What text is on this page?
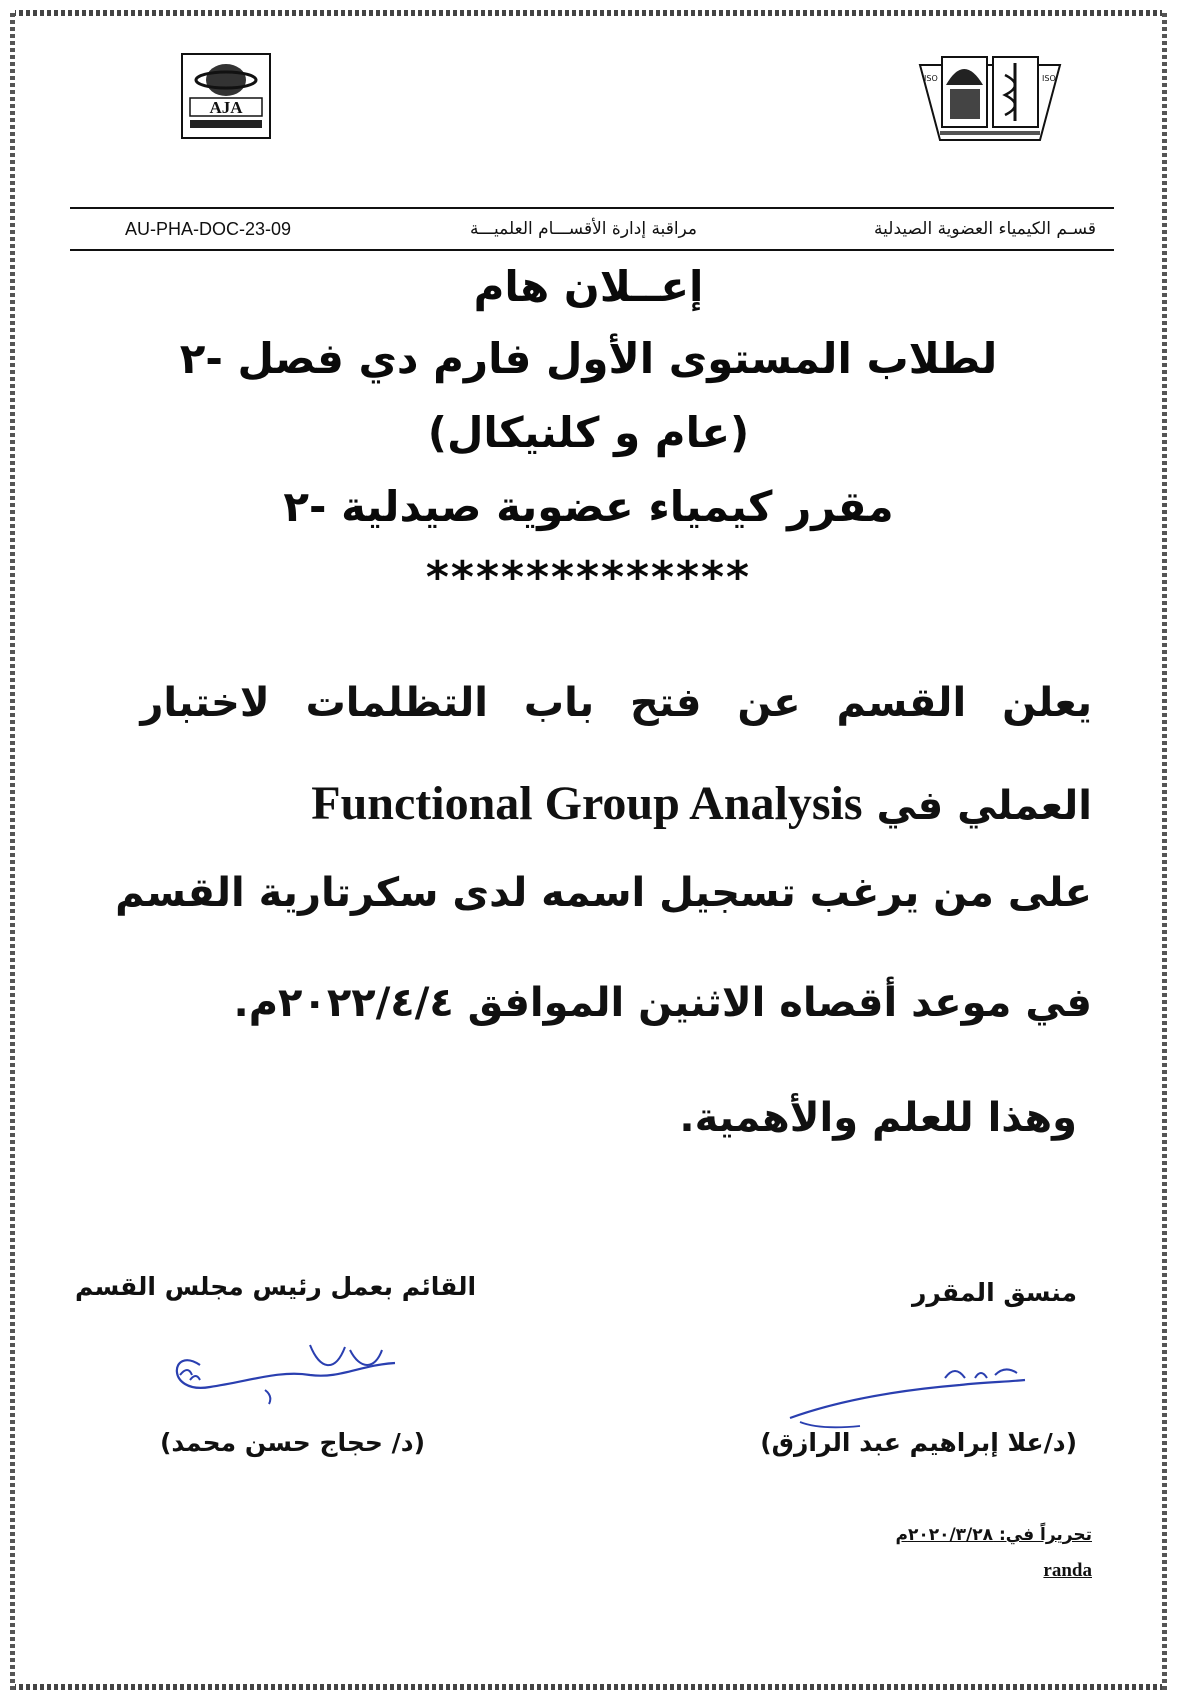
AJA
ISO	ISO
AU-PHA-DOC-23-09	مراقبة إدارة الأقســـام العلميـــة	قسـم الكيمياء العضوية الصيدلية
إعــلان هام
لطلاب المستوى الأول فارم دي فصل -٢
(عام و كلنيكال)
مقرر كيمياء عضوية صيدلية -٢
*************
يعلن القسم عن فتح باب التظلمات لاختبار
العملي في Functional Group Analysis
على من يرغب تسجيل اسمه لدى سكرتارية القسم
في موعد أقصاه الاثنين الموافق ٢٠٢٢/٤/٤م.
وهذا للعلم والأهمية.
منسق المقرر
القائم بعمل رئيس مجلس القسم
(د/ حجاج حسن محمد)	(د/علا إبراهيم عبد الرازق)
تحريراً في: ٢٠٢٠/٣/٢٨م
randa
